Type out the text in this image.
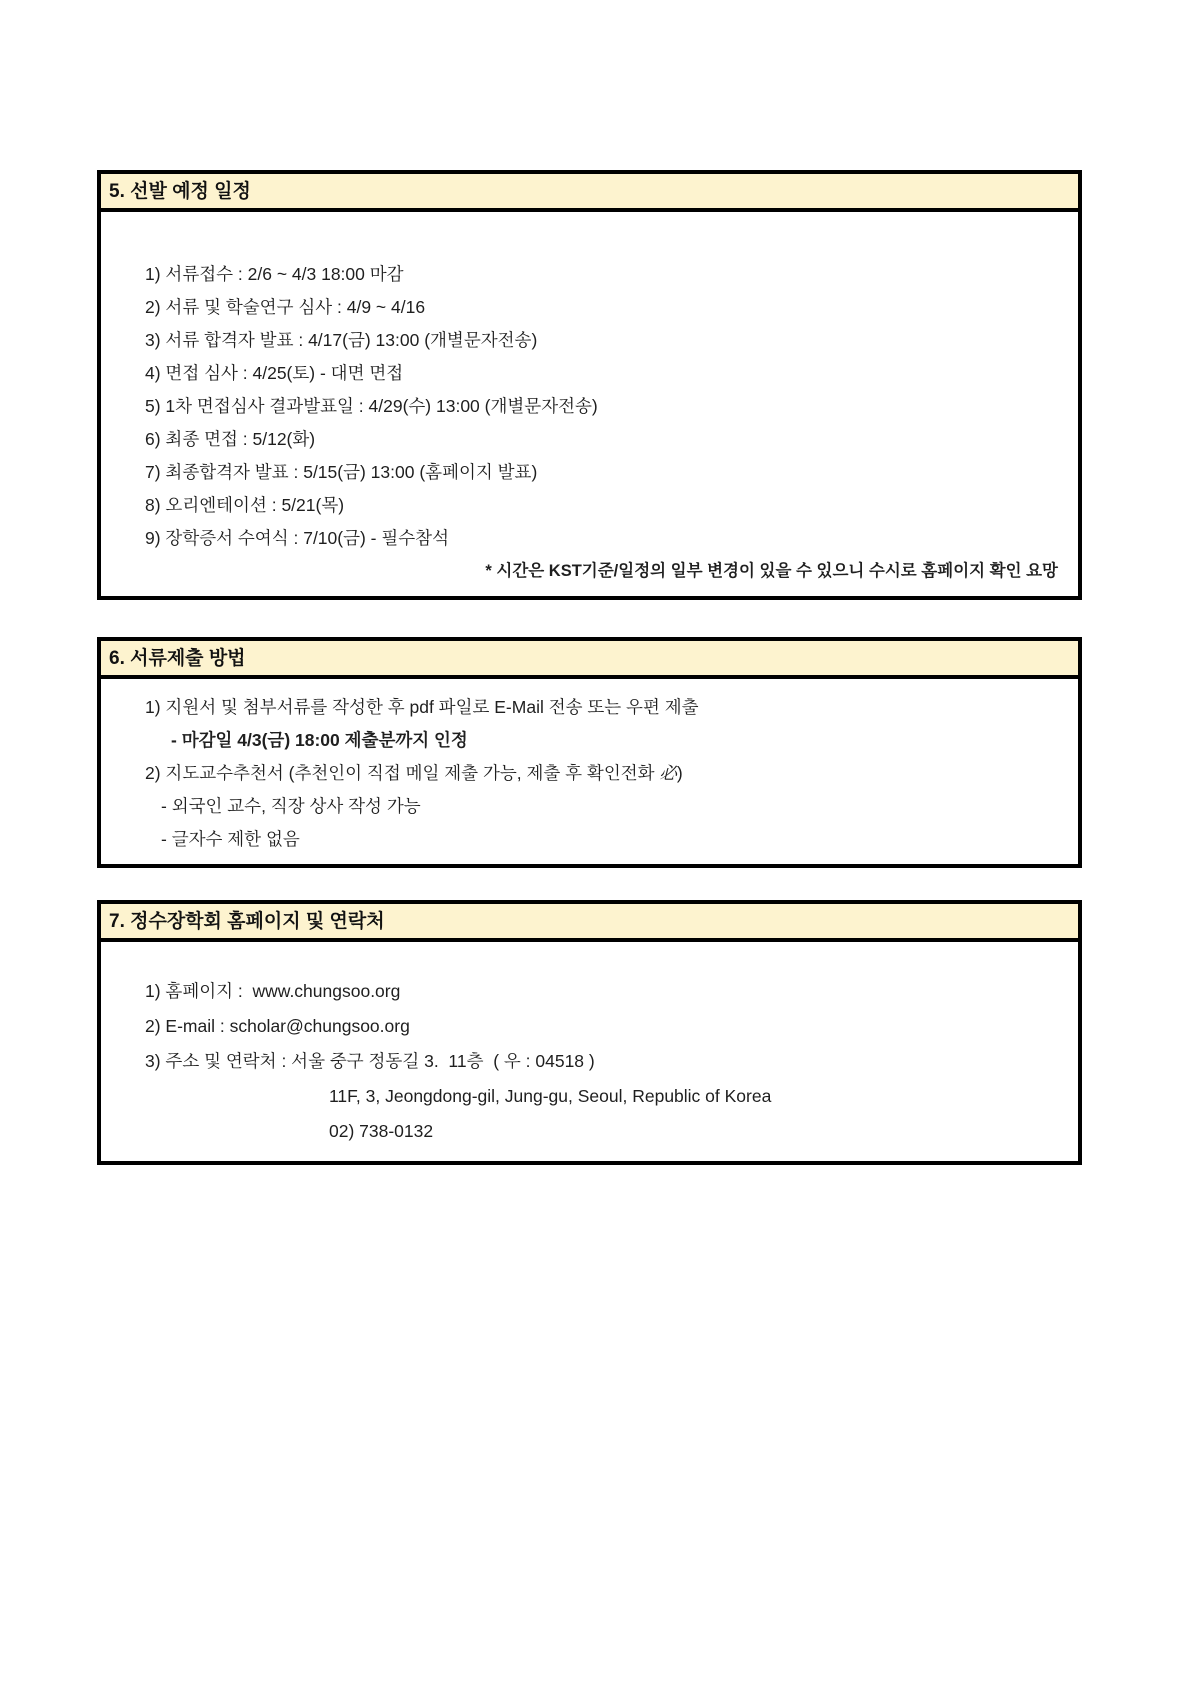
5. 선발 예정 일정
1) 서류접수 : 2/6 ~ 4/3 18:00 마감
2) 서류 및 학술연구 심사 : 4/9 ~ 4/16
3) 서류 합격자 발표 : 4/17(금) 13:00 (개별문자전송)
4) 면접 심사 : 4/25(토) - 대면 면접
5) 1차 면접심사 결과발표일 : 4/29(수) 13:00 (개별문자전송)
6) 최종 면접 : 5/12(화)
7) 최종합격자 발표 : 5/15(금) 13:00 (홈페이지 발표)
8) 오리엔테이션 : 5/21(목)
9) 장학증서 수여식 : 7/10(금) - 필수참석
* 시간은 KST기준/일정의 일부 변경이 있을 수 있으니 수시로 홈페이지 확인 요망
6. 서류제출 방법
1) 지원서 및 첨부서류를 작성한 후 pdf 파일로 E-Mail 전송 또는 우편 제출
- 마감일 4/3(금) 18:00 제출분까지 인정
2) 지도교수추천서 (추천인이 직접 메일 제출 가능, 제출 후 확인전화 必)
- 외국인 교수, 직장 상사 작성 가능
- 글자수 제한 없음
7. 정수장학회 홈페이지 및 연락처
1) 홈페이지 :  www.chungsoo.org
2) E-mail : scholar@chungsoo.org
3) 주소 및 연락처 : 서울 중구 정동길 3.  11층  ( 우 : 04518 )
11F, 3, Jeongdong-gil, Jung-gu, Seoul, Republic of Korea
02) 738-0132
